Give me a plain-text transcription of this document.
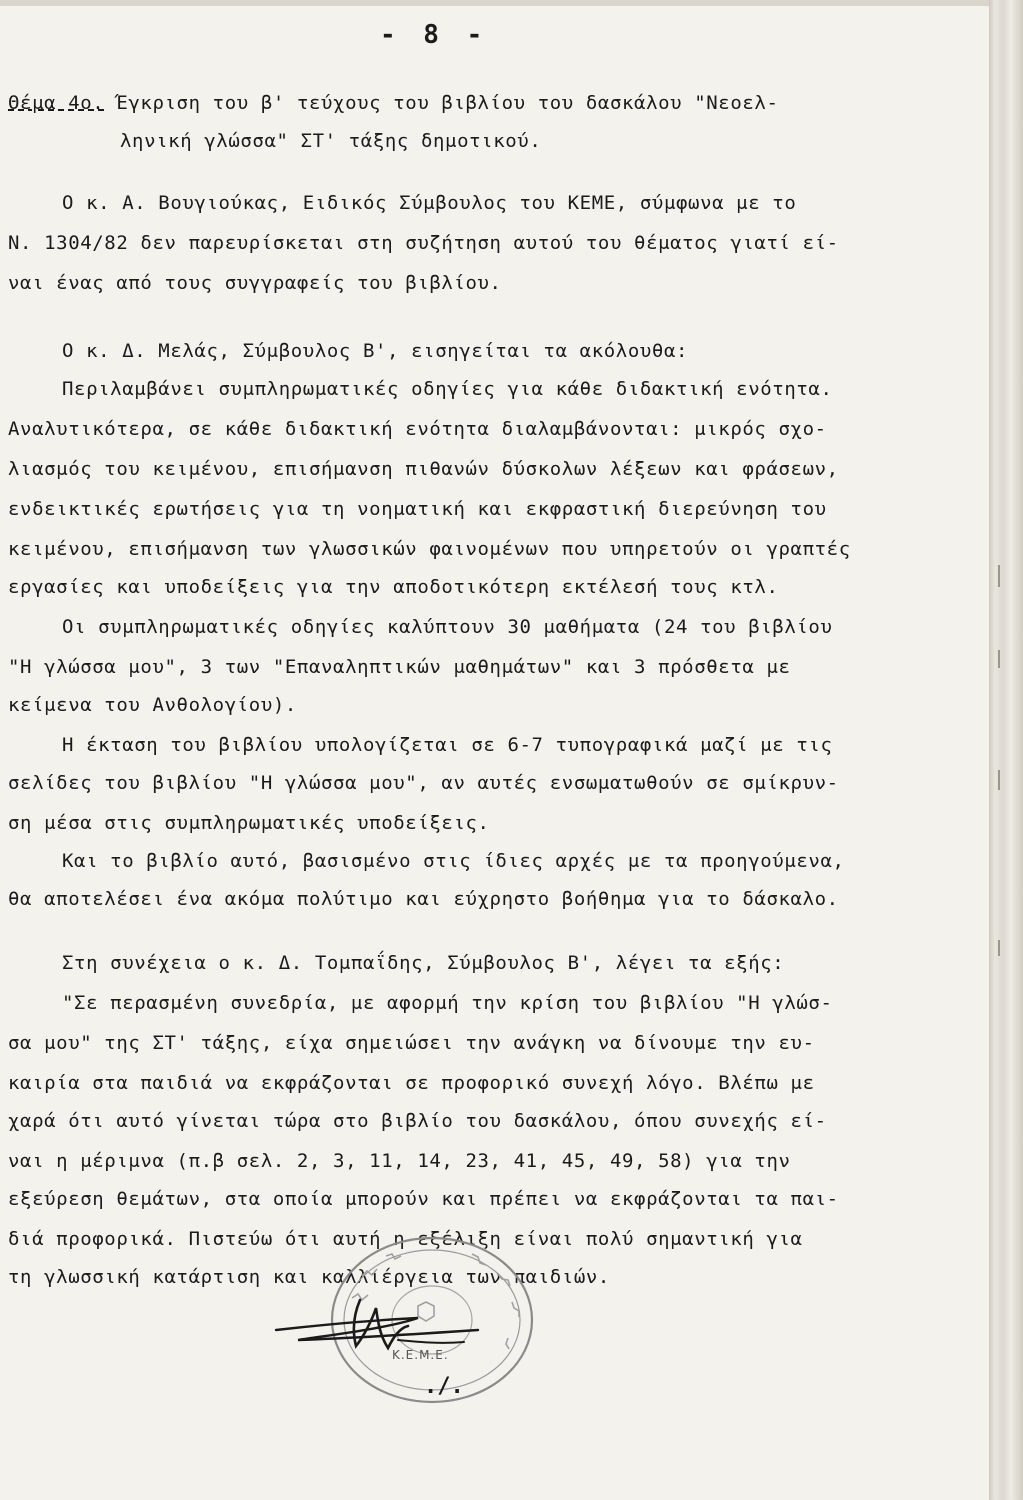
- 8 -
Θέμα 4ο. Έγκριση του β' τεύχους του βιβλίου του δασκάλου "Νεοελ-
ληνική γλώσσα" ΣΤ' τάξης δημοτικού.
Ο κ. Α. Βουγιούκας, Ειδικός Σύμβουλος του ΚΕΜΕ, σύμφωνα με το
Ν. 1304/82 δεν παρευρίσκεται στη συζήτηση αυτού του θέματος γιατί εί-
ναι ένας από τους συγγραφείς του βιβλίου.
Ο κ. Δ. Μελάς, Σύμβουλος Β', εισηγείται τα ακόλουθα:
Περιλαμβάνει συμπληρωματικές οδηγίες για κάθε διδακτική ενότητα.
Αναλυτικότερα, σε κάθε διδακτική ενότητα διαλαμβάνονται: μικρός σχο-
λιασμός του κειμένου, επισήμανση πιθανών δύσκολων λέξεων και φράσεων,
ενδεικτικές ερωτήσεις για τη νοηματική και εκφραστική διερεύνηση του
κειμένου, επισήμανση των γλωσσικών φαινομένων που υπηρετούν οι γραπτές
εργασίες και υποδείξεις για την αποδοτικότερη εκτέλεσή τους κτλ.
Οι συμπληρωματικές οδηγίες καλύπτουν 30 μαθήματα (24 του βιβλίου
"Η γλώσσα μου", 3 των "Επαναληπτικών μαθημάτων" και 3 πρόσθετα με
κείμενα του Ανθολογίου).
Η έκταση του βιβλίου υπολογίζεται σε 6-7 τυπογραφικά μαζί με τις
σελίδες του βιβλίου "Η γλώσσα μου", αν αυτές ενσωματωθούν σε σμίκρυν-
ση μέσα στις συμπληρωματικές υποδείξεις.
Και το βιβλίο αυτό, βασισμένο στις ίδιες αρχές με τα προηγούμενα,
θα αποτελέσει ένα ακόμα πολύτιμο και εύχρηστο βοήθημα για το δάσκαλο.
Στη συνέχεια ο κ. Δ. Τομπαΐδης, Σύμβουλος Β', λέγει τα εξής:
"Σε περασμένη συνεδρία, με αφορμή την κρίση του βιβλίου "Η γλώσ-
σα μου" της ΣΤ' τάξης, είχα σημειώσει την ανάγκη να δίνουμε την ευ-
καιρία στα παιδιά να εκφράζονται σε προφορικό συνεχή λόγο. Βλέπω με
χαρά ότι αυτό γίνεται τώρα στο βιβλίο του δασκάλου, όπου συνεχής εί-
ναι η μέριμνα (π.β σελ. 2, 3, 11, 14, 23, 41, 45, 49, 58) για την
εξεύρεση θεμάτων, στα οποία μπορούν και πρέπει να εκφράζονται τα παι-
διά προφορικά. Πιστεύω ότι αυτή η εξέλιξη είναι πολύ σημαντική για
τη γλωσσική κατάρτιση και καλλιέργεια των παιδιών.
Κ.Ε.Μ.Ε.
./.
